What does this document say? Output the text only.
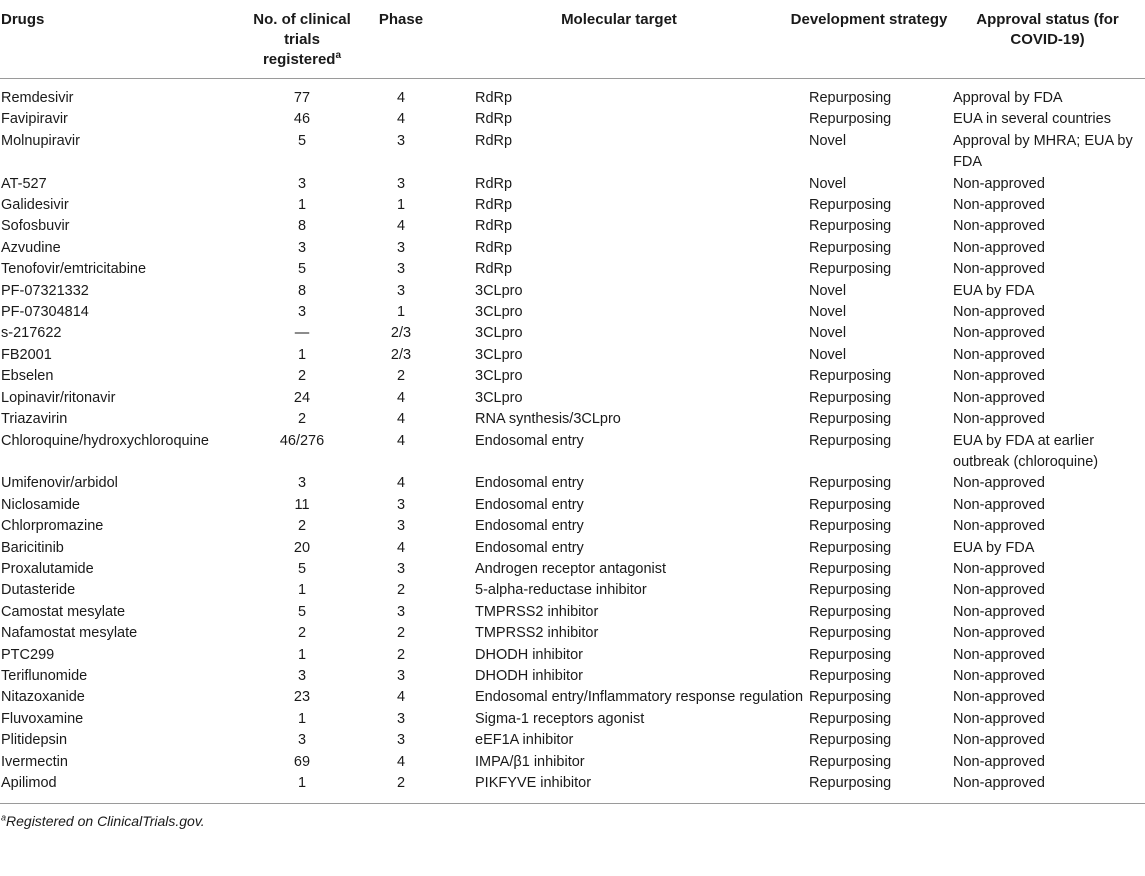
Drugs	No. of clinical trials registered$^a$	Phase	Molecular target	Development strategy	Approval status (for COVID-19)
Remdesivir	77	4	RdRp	Repurposing	Approval by FDA
Favipiravir	46	4	RdRp	Repurposing	EUA in several countries
Molnupiravir	5	3	RdRp	Novel	Approval by MHRA; EUA by FDA
AT-527	3	3	RdRp	Novel	Non-approved
Galidesivir	1	1	RdRp	Repurposing	Non-approved
Sofosbuvir	8	4	RdRp	Repurposing	Non-approved
Azvudine	3	3	RdRp	Repurposing	Non-approved
Tenofovir/emtricitabine	5	3	RdRp	Repurposing	Non-approved
PF-07321332	8	3	3CLpro	Novel	EUA by FDA
PF-07304814	3	1	3CLpro	Novel	Non-approved
s-217622	—	2/3	3CLpro	Novel	Non-approved
FB2001	1	2/3	3CLpro	Novel	Non-approved
Ebselen	2	2	3CLpro	Repurposing	Non-approved
Lopinavir/ritonavir	24	4	3CLpro	Repurposing	Non-approved
Triazavirin	2	4	RNA synthesis/3CLpro	Repurposing	Non-approved
Chloroquine/hydroxychloroquine	46/276	4	Endosomal entry	Repurposing	EUA by FDA at earlier outbreak (chloroquine)
Umifenovir/arbidol	3	4	Endosomal entry	Repurposing	Non-approved
Niclosamide	11	3	Endosomal entry	Repurposing	Non-approved
Chlorpromazine	2	3	Endosomal entry	Repurposing	Non-approved
Baricitinib	20	4	Endosomal entry	Repurposing	EUA by FDA
Proxalutamide	5	3	Androgen receptor antagonist	Repurposing	Non-approved
Dutasteride	1	2	5-alpha-reductase inhibitor	Repurposing	Non-approved
Camostat mesylate	5	3	TMPRSS2 inhibitor	Repurposing	Non-approved
Nafamostat mesylate	2	2	TMPRSS2 inhibitor	Repurposing	Non-approved
PTC299	1	2	DHODH inhibitor	Repurposing	Non-approved
Teriflunomide	3	3	DHODH inhibitor	Repurposing	Non-approved
Nitazoxanide	23	4	Endosomal entry/Inflammatory response regulation	Repurposing	Non-approved
Fluvoxamine	1	3	Sigma-1 receptors agonist	Repurposing	Non-approved
Plitidepsin	3	3	eEF1A inhibitor	Repurposing	Non-approved
Ivermectin	69	4	IMPA/β1 inhibitor	Repurposing	Non-approved
Apilimod	1	2	PIKFYVE inhibitor	Repurposing	Non-approved
$^a$Registered on ClinicalTrials.gov.
